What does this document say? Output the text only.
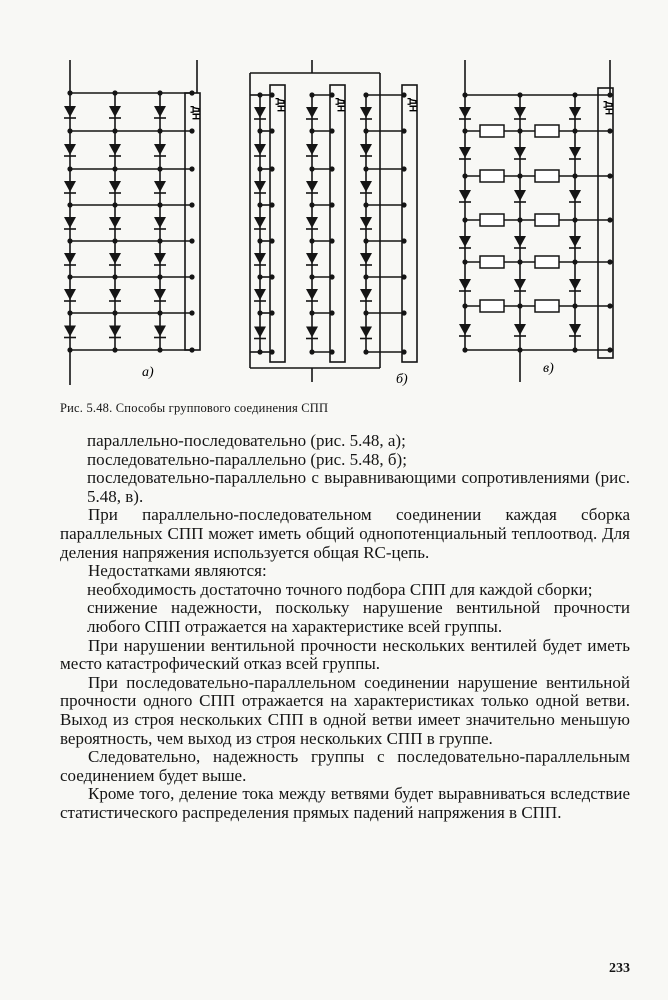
ДН
а)
ДН	ДН	ДН
б)
ДН
в)
Рис. 5.48. Способы группового соединения СПП

параллельно-последовательно (рис. 5.48, а);

последовательно-параллельно (рис. 5.48, б);

последовательно-параллельно с выравнивающими сопротивлениями (рис. 5.48, в).

При параллельно-последовательном соединении каждая сборка параллельных СПП может иметь общий однопотенциальный теплоотвод. Для деления напряжения используется общая RC-цепь.

Недостатками являются:

необходимость достаточно точного подбора СПП для каждой сборки;

снижение надежности, поскольку нарушение вентильной прочности любого СПП отражается на характеристике всей группы.

При нарушении вентильной прочности нескольких вентилей будет иметь место катастрофический отказ всей группы.

При последовательно-параллельном соединении нарушение вентильной прочности одного СПП отражается на характеристиках только одной ветви. Выход из строя нескольких СПП в одной ветви имеет значительно меньшую вероятность, чем выход из строя нескольких СПП в группе.

Следовательно, надежность группы с последовательно-параллельным соединением будет выше.

Кроме того, деление тока между ветвями будет выравниваться вследствие статистического распределения прямых падений напряжения в СПП.

233
